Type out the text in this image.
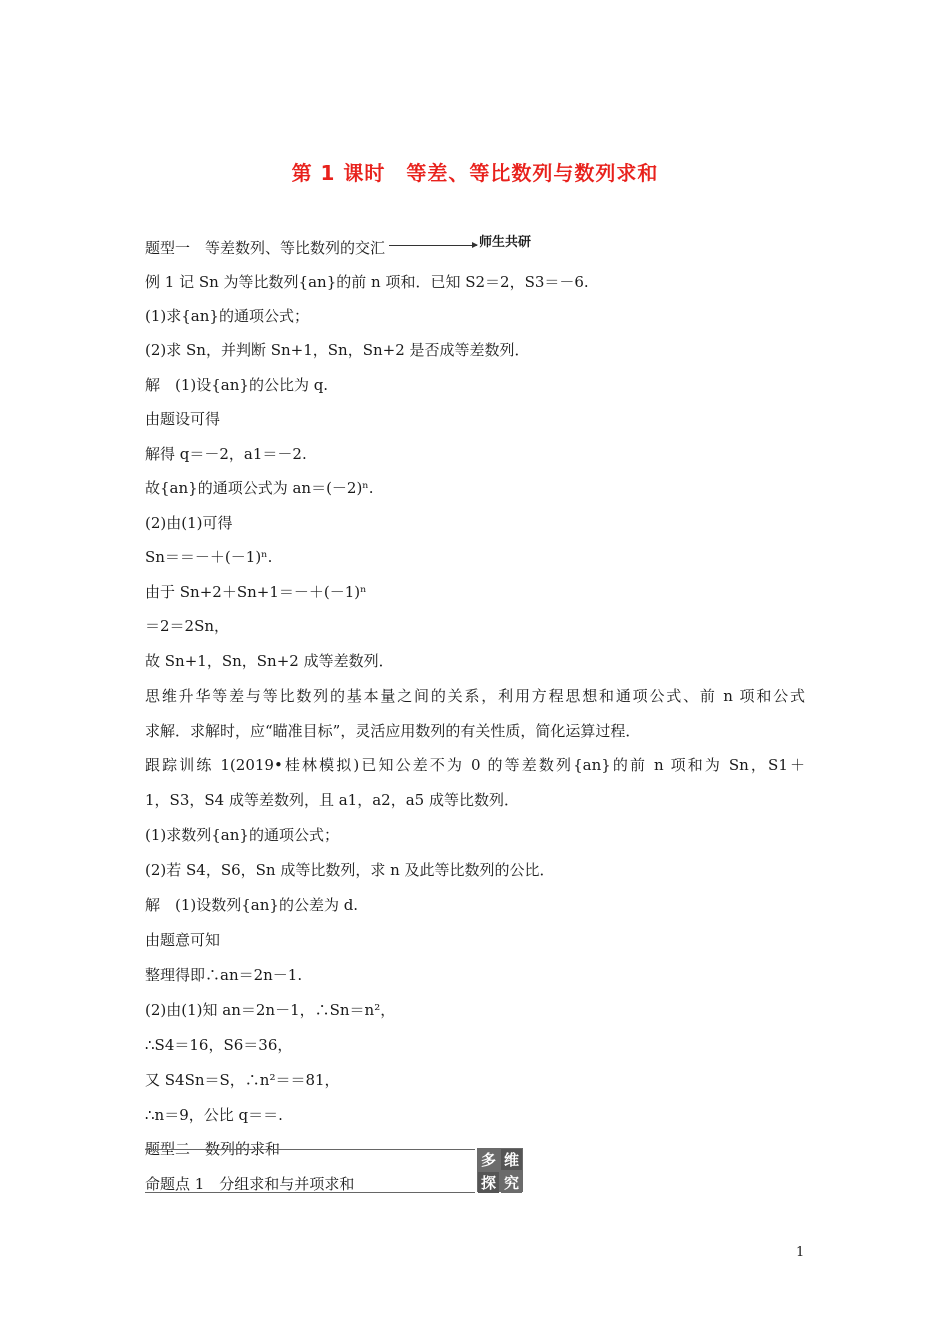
第 1 课时　等差、等比数列与数列求和
题型一　等差数列、等比数列的交汇	师生共研
例 1 记 Sn 为等比数列{an}的前 n 项和．已知 S2＝2，S3＝－6.
(1)求{an}的通项公式；
(2)求 Sn，并判断 Sn+1，Sn，Sn+2 是否成等差数列．
解　(1)设{an}的公比为 q.
由题设可得
解得 q＝－2，a1＝－2.
故{an}的通项公式为 an＝(－2)ⁿ.
(2)由(1)可得
Sn＝＝－＋(－1)ⁿ.
由于 Sn+2＋Sn+1＝－＋(－1)ⁿ
＝2＝2Sn，
故 Sn+1，Sn，Sn+2 成等差数列．
思维升华等差与等比数列的基本量之间的关系，利用方程思想和通项公式、前 n 项和公式
求解．求解时，应“瞄准目标”，灵活应用数列的有关性质，简化运算过程．
跟踪训练 1(2019•桂林模拟)已知公差不为 0 的等差数列{an}的前 n 项和为 Sn，S1＋
1，S3，S4 成等差数列，且 a1，a2，a5 成等比数列．
(1)求数列{an}的通项公式；
(2)若 S4，S6，Sn 成等比数列，求 n 及此等比数列的公比．
解　(1)设数列{an}的公差为 d.
由题意可知
整理得即∴an＝2n－1.
(2)由(1)知 an＝2n－1，∴Sn＝n²，
∴S4＝16，S6＝36，
又 S4Sn＝S，∴n²＝＝81，
∴n＝9，公比 q＝＝.
题型二　数列的求和
命题点 1　分组求和与并项求和
多 维
探 究
1
